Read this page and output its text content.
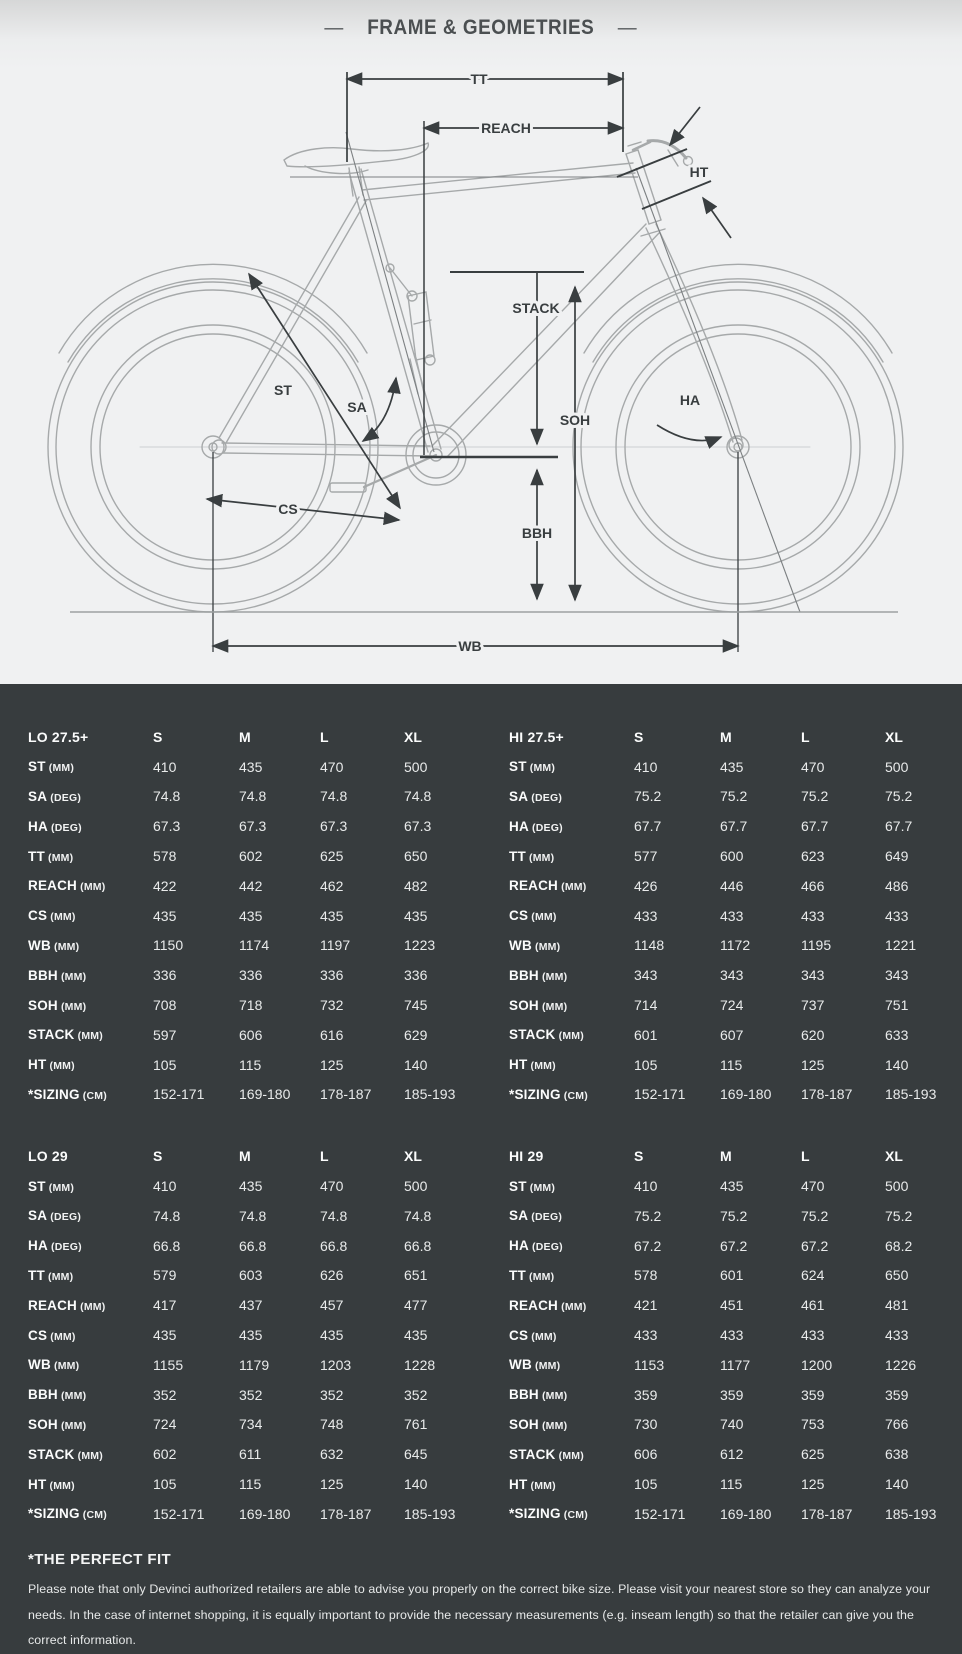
— FRAME & GEOMETRIES —
TT
REACH
HT
STACK
ST
SA
SOH
HA
CS
BBH
WB
LO 27.5+	S	M	L	XL
ST (MM)	410	435	470	500
SA (DEG)	74.8	74.8	74.8	74.8
HA (DEG)	67.3	67.3	67.3	67.3
TT (MM)	578	602	625	650
REACH (MM)	422	442	462	482
CS (MM)	435	435	435	435
WB (MM)	1150	1174	1197	1223
BBH (MM)	336	336	336	336
SOH (MM)	708	718	732	745
STACK (MM)	597	606	616	629
HT (MM)	105	115	125	140
*SIZING (CM)	152-171	169-180	178-187	185-193
HI 27.5+	S	M	L	XL
ST (MM)	410	435	470	500
SA (DEG)	75.2	75.2	75.2	75.2
HA (DEG)	67.7	67.7	67.7	67.7
TT (MM)	577	600	623	649
REACH (MM)	426	446	466	486
CS (MM)	433	433	433	433
WB (MM)	1148	1172	1195	1221
BBH (MM)	343	343	343	343
SOH (MM)	714	724	737	751
STACK (MM)	601	607	620	633
HT (MM)	105	115	125	140
*SIZING (CM)	152-171	169-180	178-187	185-193
LO 29	S	M	L	XL
ST (MM)	410	435	470	500
SA (DEG)	74.8	74.8	74.8	74.8
HA (DEG)	66.8	66.8	66.8	66.8
TT (MM)	579	603	626	651
REACH (MM)	417	437	457	477
CS (MM)	435	435	435	435
WB (MM)	1155	1179	1203	1228
BBH (MM)	352	352	352	352
SOH (MM)	724	734	748	761
STACK (MM)	602	611	632	645
HT (MM)	105	115	125	140
*SIZING (CM)	152-171	169-180	178-187	185-193
HI 29	S	M	L	XL
ST (MM)	410	435	470	500
SA (DEG)	75.2	75.2	75.2	75.2
HA (DEG)	67.2	67.2	67.2	68.2
TT (MM)	578	601	624	650
REACH (MM)	421	451	461	481
CS (MM)	433	433	433	433
WB (MM)	1153	1177	1200	1226
BBH (MM)	359	359	359	359
SOH (MM)	730	740	753	766
STACK (MM)	606	612	625	638
HT (MM)	105	115	125	140
*SIZING (CM)	152-171	169-180	178-187	185-193
*THE PERFECT FIT

Please note that only Devinci authorized retailers are able to advise you properly on the correct bike size. Please visit your nearest store so they can analyze your needs. In the case of internet shopping, it is equally important to provide the necessary measurements (e.g. inseam length) so that the retailer can give you the correct information.
